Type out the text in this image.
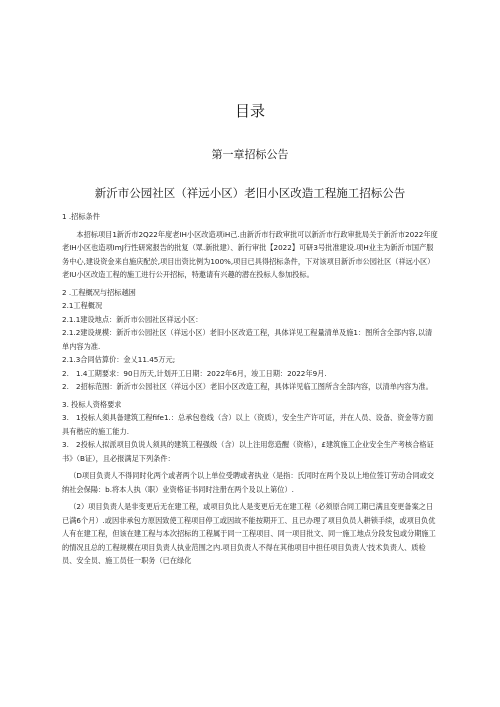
目录
第一章招标公告
新沂市公园社区（祥远小区）老旧小区改造工程施工招标公告

1 .招标条件

本招标项目1新沂市2Q22年度老IH小区改造项iH己.由新沂市行政审批可以新沂市行政审批局关于新沂市2022年度老IH小区也造项ImJ行性研窕报告的批复（眾.新批建）、新行审批【2022】可研3号批准建设.项H业主为新沂市国产服务中心,建设资金来自施庆配於,项目出资比例为100%,项目已具得招标条件，下对该项目新沂市公园社区（祥远小区）老IU小区改造工程的施工进行公开招标，特邀请有兴趣的潜在投标人参加投标。

2 .工程概况与招标越困

2.1工程概况

2.1.1建设地点：新沂市公园社区祥远小区：

2.1.2建设规模：新沂市公园社区（祥远小区）老旧小区改造工程，具体详见工程量清单及施1：图所含全部内容,以清单内容为准.

2.1.3合同估算价：金乂11.45万元;

2.　1.4工期要求：90日历天,计划开工日期：2022年6月，竣工日期：2022年9月.

2.　2招标范围：新沂市公园社区（祥远小区）老旧小区改造工程，具体详见临工图所含全部内容，以清单内容为准。

3. 投标人资格要求

3.　1投标人须具备建筑工程fife1.：总承包卷线（含）以上（资质），安全生产许可证，并在人员、设备、资金等方面具有楷应的施工能力.

3.　2投标人拟派项目负说人须具的建筑工程强级（含）以上注用您造醒（资格），£建筑施工企业安全生产考核合格证书》（B证），且必报满足下列条件：

（D项目负责人不得同时化两个或者两个以上单位受聘或者执业（是指：氏同时在两个及以上地位签订劳动合同或交纳社会保陽：b.将本人执（职）业资格证书同时注册在两个及以上第位）.

（2）项目负责人是非变更后无在建工程，或项目负比人是变更后无在建工程（必须原合同工期已满且变更备案之日已满6个月）.或因非承包方原因致使工程项目停工或因故不能按期开工、且已办理了项目负员人耕锁手续，或项目负优人有在建工程，但该在建工程与本次招标的工程属于同一工程项目、同一项目批文、同一施工地点分段发包或分期施工的情况且总的工程规模在项目负责人执业范围之内.项目负责人不得在其他项目中担任项目负责人'技术负责人、质检员、安全员、施工员任一职务（已在绿化
